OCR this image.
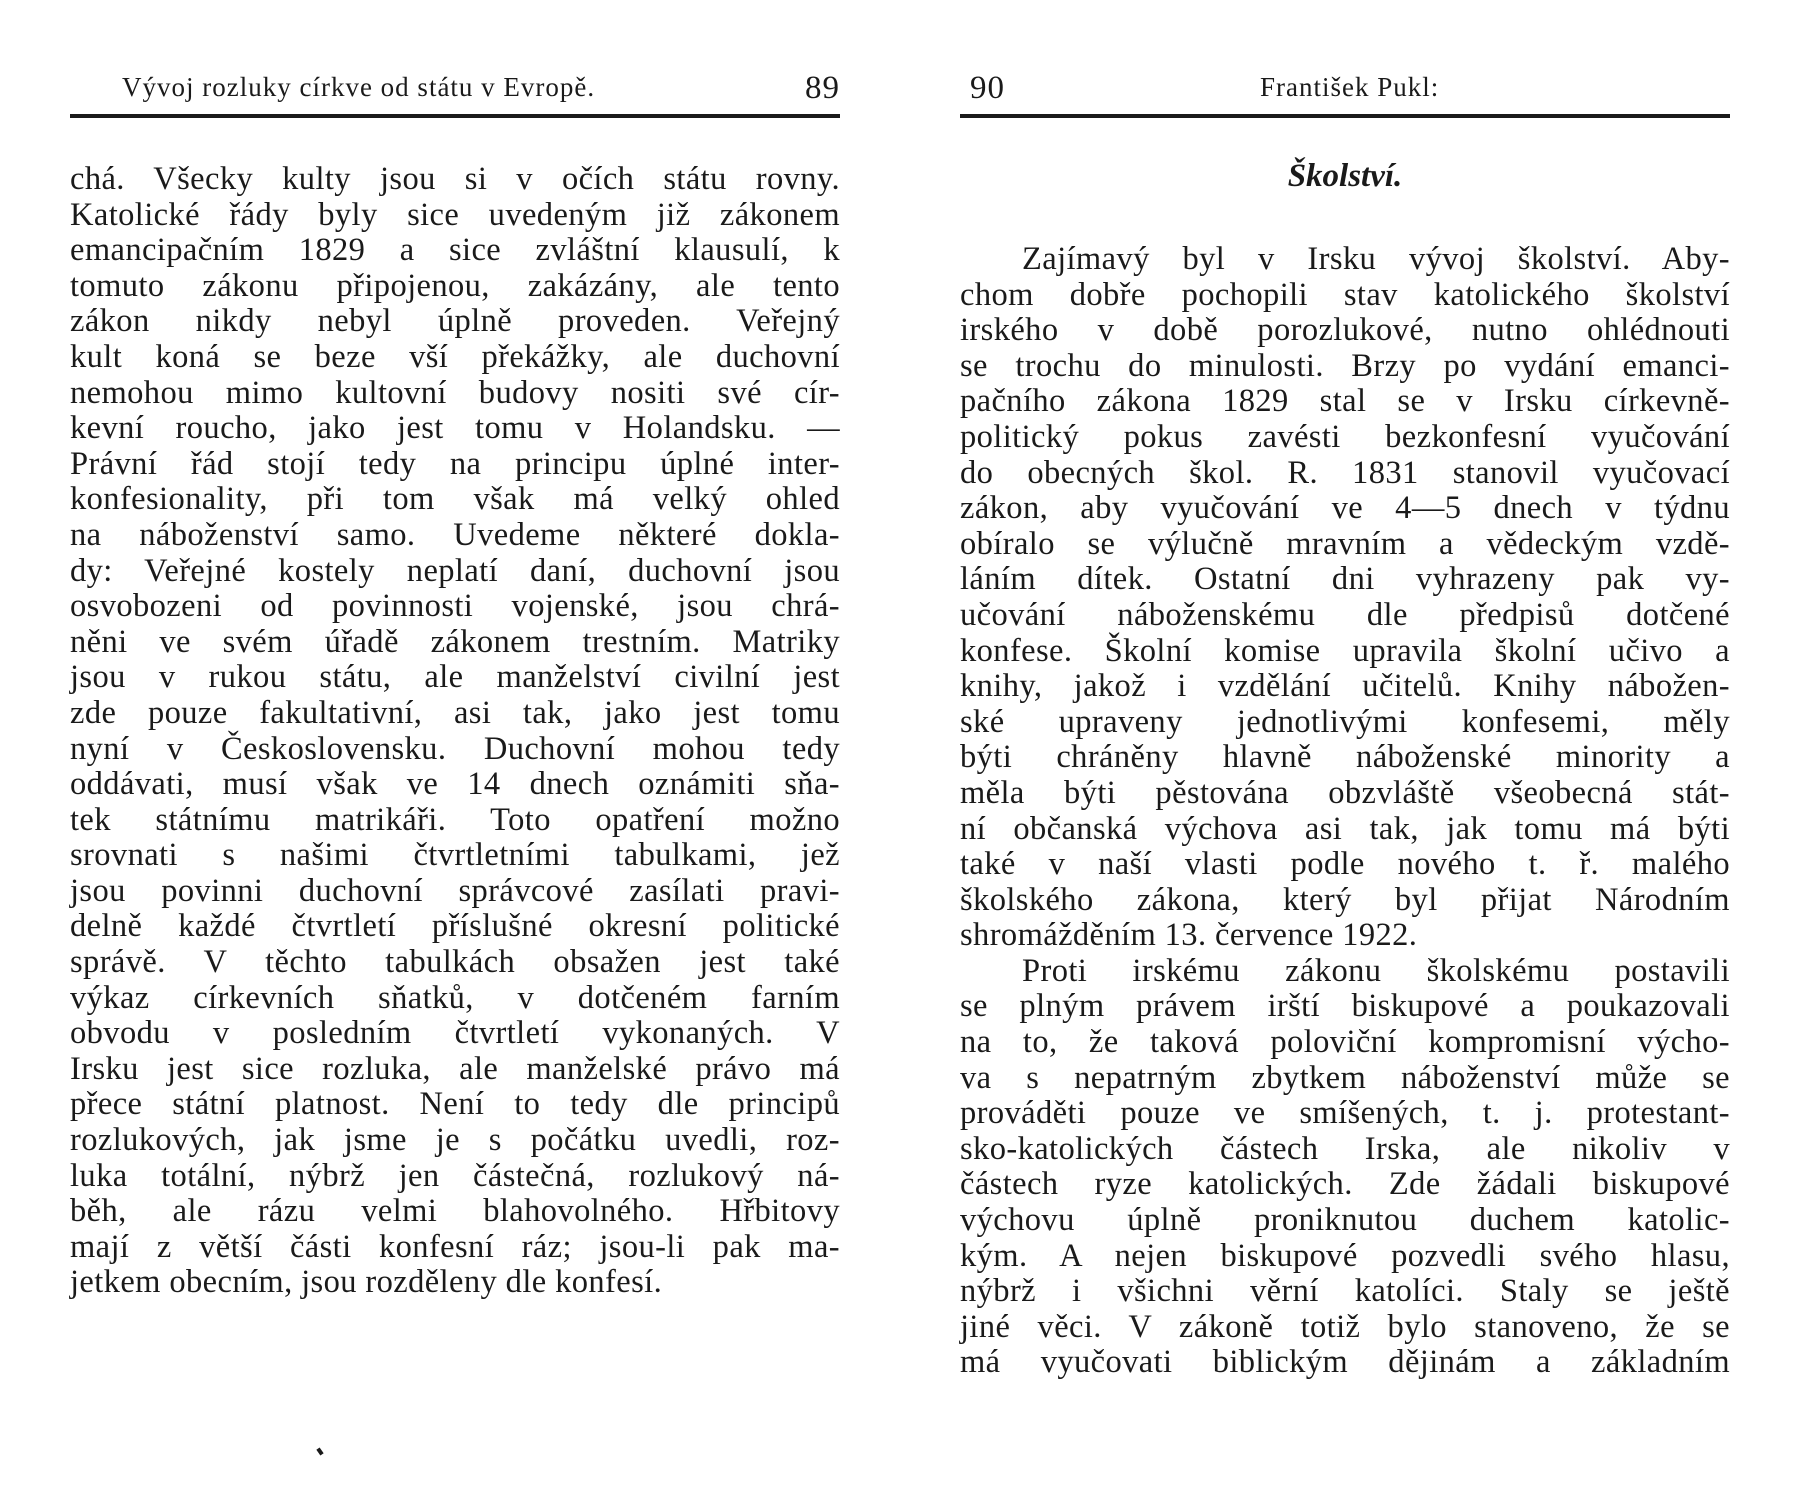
Vývoj rozluky církve od státu v Evropě.	89
chá. Všecky kulty jsou si v očích státu rovny.
Katolické řády byly sice uvedeným již zákonem
emancipačním 1829 a sice zvláštní klausulí, k
tomuto zákonu připojenou, zakázány, ale tento
zákon nikdy nebyl úplně proveden. Veřejný
kult koná se beze vší překážky, ale duchovní
nemohou mimo kultovní budovy nositi své cír-
kevní roucho, jako jest tomu v Holandsku. —
Právní řád stojí tedy na principu úplné inter-
konfesionality, při tom však má velký ohled
na náboženství samo. Uvedeme některé dokla-
dy: Veřejné kostely neplatí daní, duchovní jsou
osvobozeni od povinnosti vojenské, jsou chrá-
něni ve svém úřadě zákonem trestním. Matriky
jsou v rukou státu, ale manželství civilní jest
zde pouze fakultativní, asi tak, jako jest tomu
nyní v Československu. Duchovní mohou tedy
oddávati, musí však ve 14 dnech oznámiti sňa-
tek státnímu matrikáři. Toto opatření možno
srovnati s našimi čtvrtletními tabulkami, jež
jsou povinni duchovní správcové zasílati pravi-
delně každé čtvrtletí příslušné okresní politické
správě. V těchto tabulkách obsažen jest také
výkaz církevních sňatků, v dotčeném farním
obvodu v posledním čtvrtletí vykonaných. V
Irsku jest sice rozluka, ale manželské právo má
přece státní platnost. Není to tedy dle principů
rozlukových, jak jsme je s počátku uvedli, roz-
luka totální, nýbrž jen částečná, rozlukový ná-
běh, ale rázu velmi blahovolného. Hřbitovy
mají z větší části konfesní ráz; jsou-li pak ma-
jetkem obecním, jsou rozděleny dle konfesí.
90	František Pukl:
Školství.
Zajímavý byl v Irsku vývoj školství. Aby-
chom dobře pochopili stav katolického školství
irského v době porozlukové, nutno ohlédnouti
se trochu do minulosti. Brzy po vydání emanci-
pačního zákona 1829 stal se v Irsku církevně-
politický pokus zavésti bezkonfesní vyučování
do obecných škol. R. 1831 stanovil vyučovací
zákon, aby vyučování ve 4—5 dnech v týdnu
obíralo se výlučně mravním a vědeckým vzdě-
láním dítek. Ostatní dni vyhrazeny pak vy-
učování náboženskému dle předpisů dotčené
konfese. Školní komise upravila školní učivo a
knihy, jakož i vzdělání učitelů. Knihy nábožen-
ské upraveny jednotlivými konfesemi, měly
býti chráněny hlavně náboženské minority a
měla býti pěstována obzvláště všeobecná stát-
ní občanská výchova asi tak, jak tomu má býti
také v naší vlasti podle nového t. ř. malého
školského zákona, který byl přijat Národním
shromážděním 13. července 1922.
Proti irskému zákonu školskému postavili
se plným právem irští biskupové a poukazovali
na to, že taková poloviční kompromisní výcho-
va s nepatrným zbytkem náboženství může se
prováděti pouze ve smíšených, t. j. protestant-
sko-katolických částech Irska, ale nikoliv v
částech ryze katolických. Zde žádali biskupové
výchovu úplně proniknutou duchem katolic-
kým. A nejen biskupové pozvedli svého hlasu,
nýbrž i všichni věrní katolíci. Staly se ještě
jiné věci. V zákoně totiž bylo stanoveno, že se
má vyučovati biblickým dějinám a základním
